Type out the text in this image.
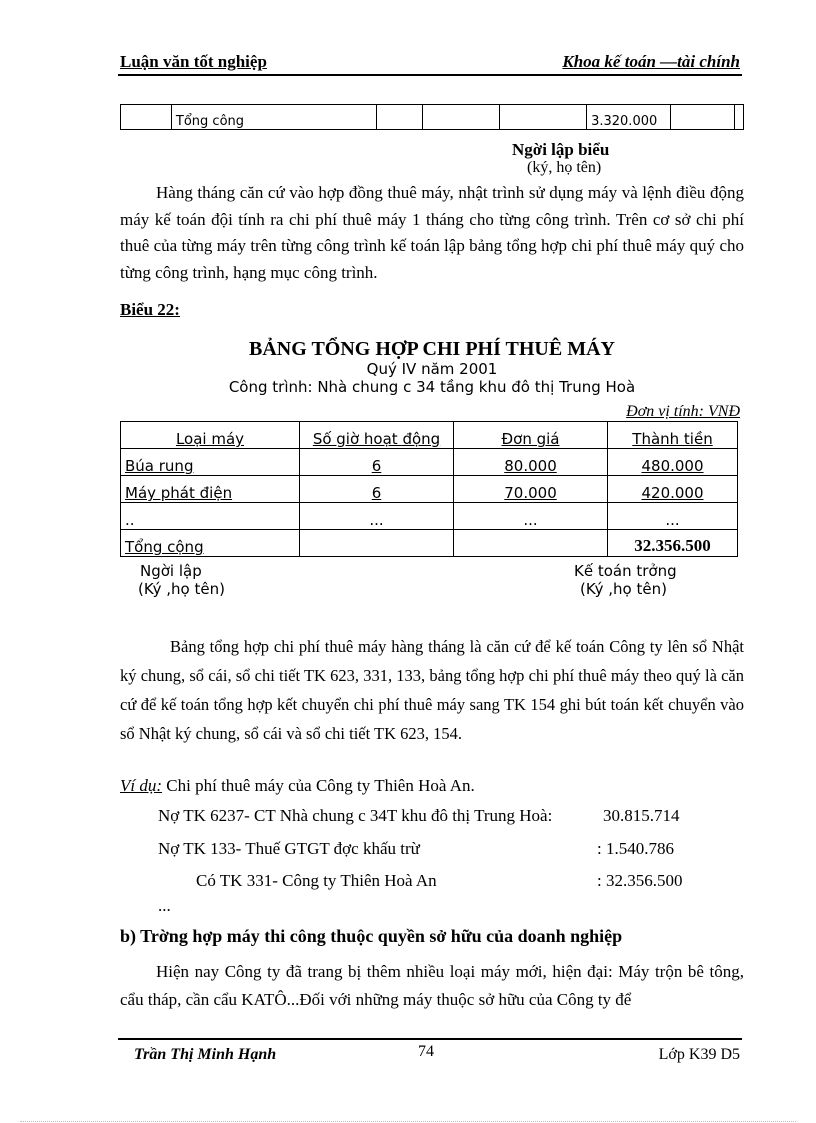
Luận văn tốt nghiệp	Khoa kế toán —tài chính
	Tổng công				3.320.000		
Ngời lập biểu
(ký, họ tên)
Hàng tháng căn cứ vào hợp đồng thuê máy, nhật trình sử dụng máy và lệnh điều động máy kế toán đội tính ra chi phí thuê máy 1 tháng cho từng công trình. Trên cơ sở chi phí thuê của từng máy trên từng công trình kế toán lập bảng tổng hợp chi phí thuê máy quý cho từng công trình, hạng mục công trình.
Biểu 22:
BẢNG TỔNG HỢP CHI PHÍ THUÊ MÁY
Quý IV năm 2001
Công trình: Nhà chung c 34 tầng khu đô thị Trung Hoà
Đơn vị tính: VNĐ
Loại máy	Số giờ hoạt động	Đơn giá	Thành tiền
Búa rung	6	80.000	480.000
Máy phát điện	6	70.000	420.000
..	...	...	...
Tổng cộng			32.356.500
Ngời lập
(Ký ,họ tên)
Kế toán trởng
(Ký ,họ tên)
Bảng tổng hợp chi phí thuê máy hàng tháng là căn cứ để kế toán Công ty lên sổ Nhật ký chung, sổ cái, sổ chi tiết TK 623, 331, 133, bảng tổng hợp chi phí thuê máy theo quý là căn cứ để kế toán tổng hợp kết chuyển chi phí thuê máy sang TK 154 ghi bút toán kết chuyển vào sổ Nhật ký chung, sổ cái và sổ chi tiết TK 623, 154.
Ví dụ: Chi phí thuê máy của Công ty Thiên Hoà An.
Nợ TK 6237- CT Nhà chung c 34T khu đô thị Trung Hoà:	30.815.714
Nợ TK 133- Thuế GTGT đợc khấu trừ	: 1.540.786
Có TK 331- Công ty Thiên Hoà An	: 32.356.500
...
b) Trờng hợp máy thi công thuộc quyền sở hữu của doanh nghiệp
Hiện nay Công ty đã trang bị thêm nhiều loại máy mới, hiện đại: Máy trộn bê tông, cẩu tháp, cần cẩu KATÔ...Đối với những máy thuộc sở hữu của Công ty để
Trần Thị Minh Hạnh	74	Lớp K39 D5
